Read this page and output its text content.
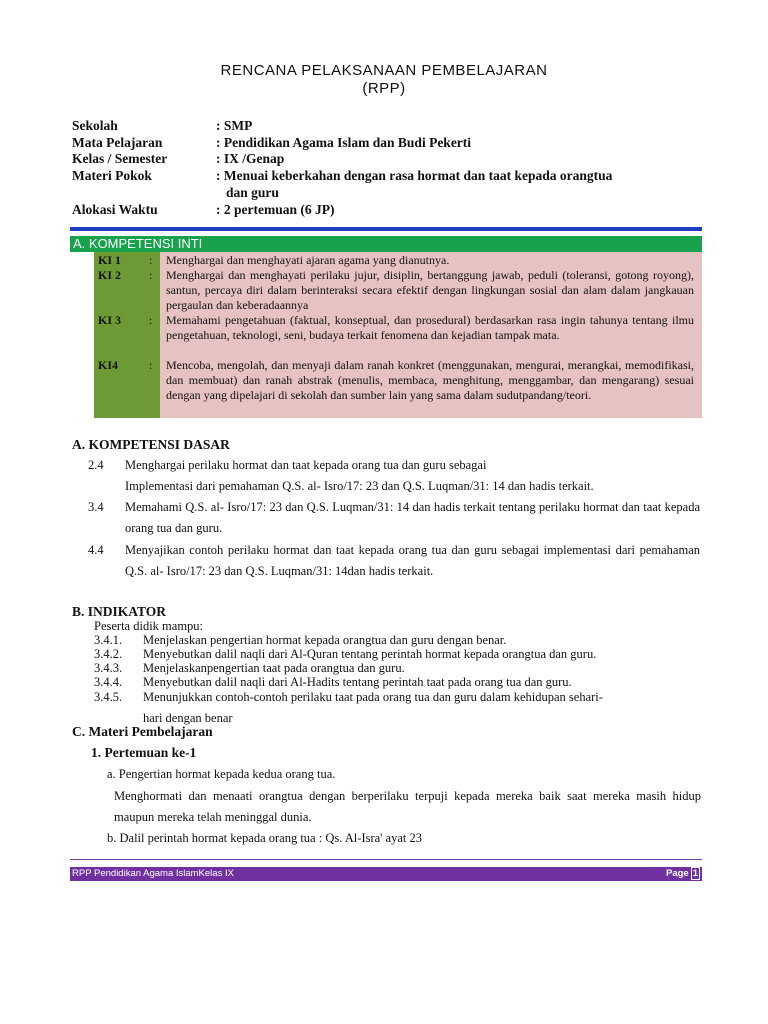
RENCANA PELAKSANAAN PEMBELAJARAN
(RPP)
Sekolah	: SMP
Mata Pelajaran	: Pendidikan Agama Islam dan Budi Pekerti
Kelas / Semester	: IX /Genap
Materi Pokok	: Menuai keberkahan dengan rasa hormat dan taat kepada orangtua
dan guru
Alokasi Waktu	: 2 pertemuan (6 JP)
A. KOMPETENSI INTI
KI 1 : Menghargai dan menghayati ajaran agama yang dianutnya.
KI 2 : Menghargai dan menghayati perilaku jujur, disiplin, bertanggung jawab, peduli (toleransi, gotong royong), santun, percaya diri dalam berinteraksi secara efektif dengan lingkungan sosial dan alam dalam jangkauan pergaulan dan keberadaannya
KI 3 : Memahami pengetahuan (faktual, konseptual, dan prosedural) berdasarkan rasa ingin tahunya tentang ilmu pengetahuan, teknologi, seni, budaya terkait fenomena dan kejadian tampak mata.
KI4	: Mencoba, mengolah, dan menyaji dalam ranah konkret (menggunakan, mengurai, merangkai, memodifikasi, dan membuat) dan ranah abstrak (menulis, membaca, menghitung, menggambar, dan mengarang) sesuai dengan yang dipelajari di sekolah dan sumber lain yang sama dalam sudutpandang/teori.
A. KOMPETENSI DASAR
2.4 Menghargai perilaku hormat dan taat kepada orang tua dan guru sebagai
Implementasi dari pemahaman Q.S. al- Isro/17: 23 dan Q.S. Luqman/31: 14 dan hadis terkait.
3.4 Memahami Q.S. al- Isro/17: 23 dan Q.S. Luqman/31: 14 dan hadis terkait tentang perilaku hormat dan taat kepada orang tua dan guru.
4.4 Menyajikan contoh perilaku hormat dan taat kepada orang tua dan guru sebagai implementasi dari pemahaman Q.S. al- Isro/17: 23 dan Q.S. Luqman/31: 14dan hadis terkait.
B. INDIKATOR
Peserta didik mampu:
3.4.1. Menjelaskan pengertian hormat kepada orangtua dan guru dengan benar.
3.4.2. Menyebutkan dalil naqli dari Al-Quran tentang perintah hormat kepada orangtua dan guru.
3.4.3. Menjelaskanpengertian taat pada orangtua dan guru.
3.4.4. Menyebutkan dalil naqli dari Al-Hadits tentang perintah taat pada orang tua dan guru.
3.4.5. Menunjukkan contoh-contoh perilaku taat pada orang tua dan guru dalam kehidupan sehari-
hari dengan benar
C. Materi Pembelajaran
1. Pertemuan ke-1
a. Pengertian hormat kepada kedua orang tua.
Menghormati dan menaati orangtua dengan berperilaku terpuji kepada mereka baik saat mereka masih hidup maupun mereka telah meninggal dunia.
b. Dalil perintah hormat kepada orang tua : Qs. Al-Isra' ayat 23
RPP Pendidikan Agama IslamKelas IX	Page 1
